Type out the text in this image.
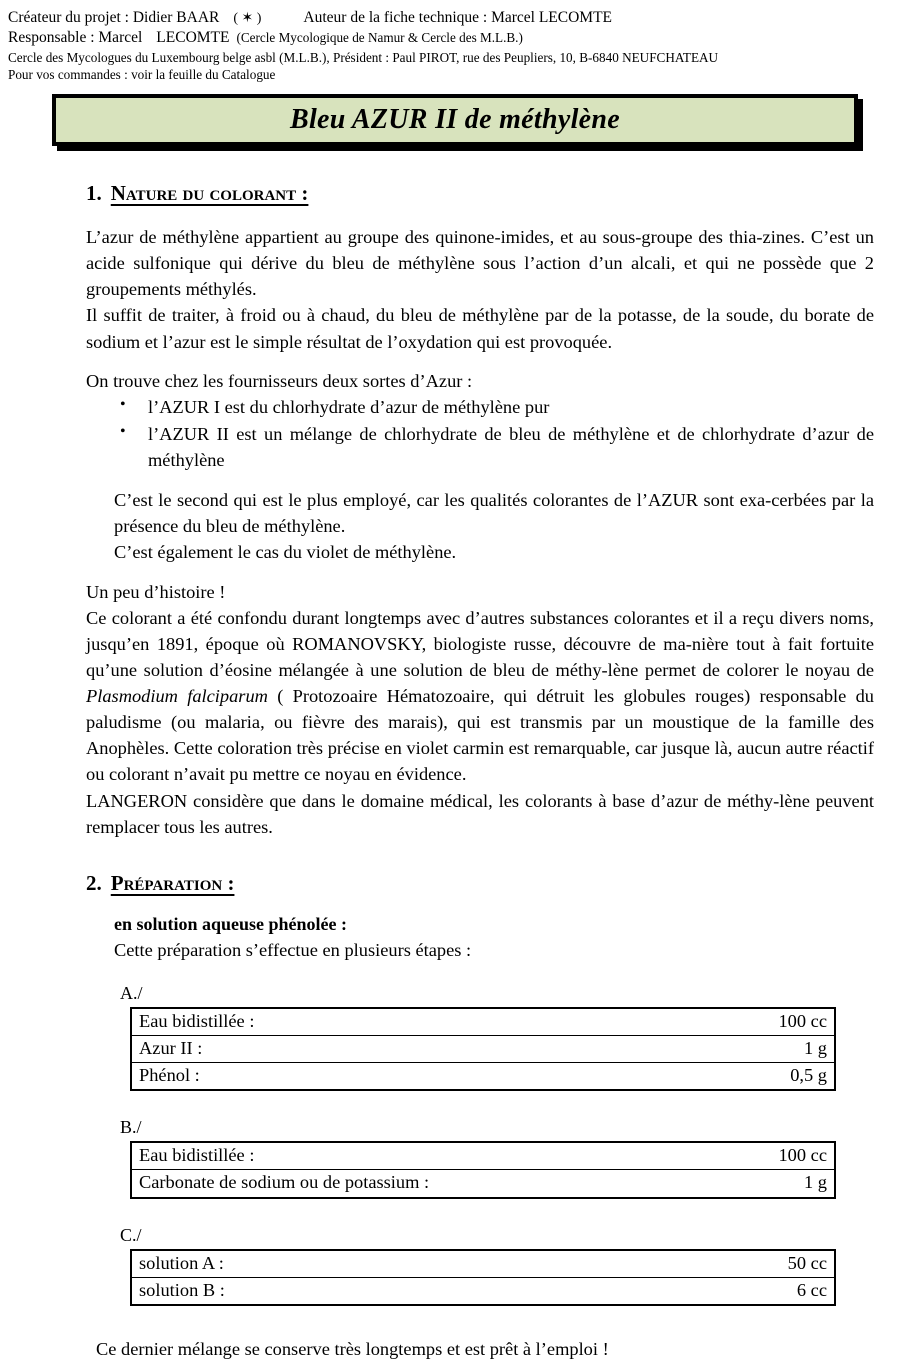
Créateur du projet : Didier BAAR ( ✶ )	Auteur de la fiche technique : Marcel LECOMTE
Responsable : Marcel LECOMTE (Cercle Mycologique de Namur & Cercle des M.L.B.)
Cercle des Mycologues du Luxembourg belge asbl (M.L.B.), Président : Paul PIROT, rue des Peupliers, 10, B-6840 NEUFCHATEAU
Pour vos commandes : voir la feuille du Catalogue
Bleu AZUR II de méthylène
1. Nature du colorant :

L’azur de méthylène appartient au groupe des quinone-imides, et au sous-groupe des thia-zines. C’est un acide sulfonique qui dérive du bleu de méthylène sous l’action d’un alcali, et qui ne possède que 2 groupements méthylés.

Il suffit de traiter, à froid ou à chaud, du bleu de méthylène par de la potasse, de la soude, du borate de sodium et l’azur est le simple résultat de l’oxydation qui est provoquée.

On trouve chez les fournisseurs deux sortes d’Azur :

• l’AZUR I est du chlorhydrate d’azur de méthylène pur
• l’AZUR II est un mélange de chlorhydrate de bleu de méthylène et de chlorhydrate d’azur de méthylène

C’est le second qui est le plus employé, car les qualités colorantes de l’AZUR sont exa-cerbées par la présence du bleu de méthylène.

C’est également le cas du violet de méthylène.

Un peu d’histoire !

Ce colorant a été confondu durant longtemps avec d’autres substances colorantes et il a reçu divers noms, jusqu’en 1891, époque où ROMANOVSKY, biologiste russe, découvre de ma-nière tout à fait fortuite qu’une solution d’éosine mélangée à une solution de bleu de méthy-lène permet de colorer le noyau de Plasmodium falciparum ( Protozoaire Hématozoaire, qui détruit les globules rouges) responsable du paludisme (ou malaria, ou fièvre des marais), qui est transmis par un moustique de la famille des Anophèles. Cette coloration très précise en violet carmin est remarquable, car jusque là, aucun autre réactif ou colorant n’avait pu mettre ce noyau en évidence.

LANGERON considère que dans le domaine médical, les colorants à base d’azur de méthy-lène peuvent remplacer tous les autres.

2. Préparation :

en solution aqueuse phénolée :

Cette préparation s’effectue en plusieurs étapes :

A./

Eau bidistillée :	100 cc
Azur II :	1 g
Phénol :	0,5 g

B./

Eau bidistillée :	100 cc
Carbonate de sodium ou de potassium :	1 g

C./

solution A :	50 cc
solution B :	6 cc

Ce dernier mélange se conserve très longtemps et est prêt à l’emploi !
